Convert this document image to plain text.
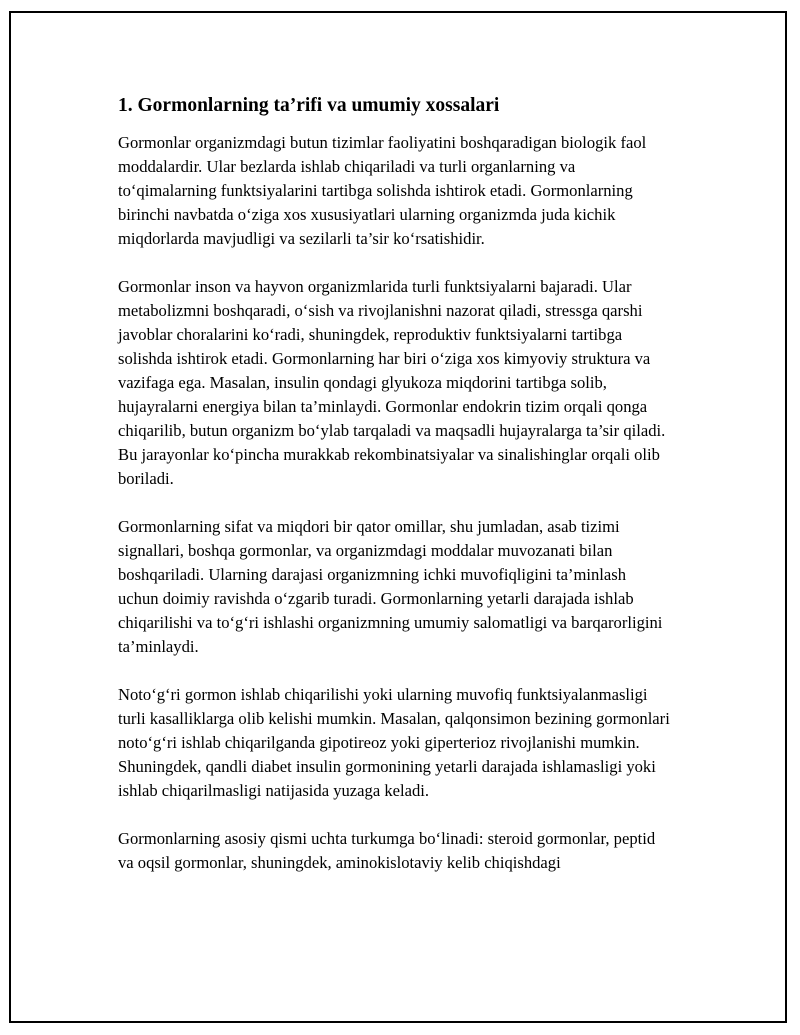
1. Gormonlarning ta’rifi va umumiy xossalari

Gormonlar organizmdagi butun tizimlar faoliyatini boshqaradigan biologik faol moddalardir. Ular bezlarda ishlab chiqariladi va turli organlarning va to‘qimalarning funktsiyalarini tartibga solishda ishtirok etadi. Gormonlarning birinchi navbatda o‘ziga xos xususiyatlari ularning organizmda juda kichik miqdorlarda mavjudligi va sezilarli ta’sir ko‘rsatishidir.

Gormonlar inson va hayvon organizmlarida turli funktsiyalarni bajaradi. Ular metabolizmni boshqaradi, o‘sish va rivojlanishni nazorat qiladi, stressga qarshi javoblar choralarini ko‘radi, shuningdek, reproduktiv funktsiyalarni tartibga solishda ishtirok etadi. Gormonlarning har biri o‘ziga xos kimyoviy struktura va vazifaga ega. Masalan, insulin qondagi glyukoza miqdorini tartibga solib, hujayralarni energiya bilan ta’minlaydi. Gormonlar endokrin tizim orqali qonga chiqarilib, butun organizm bo‘ylab tarqaladi va maqsadli hujayralarga ta’sir qiladi. Bu jarayonlar ko‘pincha murakkab rekombinatsiyalar va sinalishinglar orqali olib boriladi.

Gormonlarning sifat va miqdori bir qator omillar, shu jumladan, asab tizimi signallari, boshqa gormonlar, va organizmdagi moddalar muvozanati bilan boshqariladi. Ularning darajasi organizmning ichki muvofiqligini ta’minlash uchun doimiy ravishda o‘zgarib turadi. Gormonlarning yetarli darajada ishlab chiqarilishi va to‘g‘ri ishlashi organizmning umumiy salomatligi va barqarorligini ta’minlaydi.

Noto‘g‘ri gormon ishlab chiqarilishi yoki ularning muvofiq funktsiyalanmasligi turli kasalliklarga olib kelishi mumkin. Masalan, qalqonsimon bezining gormonlari noto‘g‘ri ishlab chiqarilganda gipotireoz yoki giperterioz rivojlanishi mumkin. Shuningdek, qandli diabet insulin gormonining yetarli darajada ishlamasligi yoki ishlab chiqarilmasligi natijasida yuzaga keladi.

Gormonlarning asosiy qismi uchta turkumga bo‘linadi: steroid gormonlar, peptid va oqsil gormonlar, shuningdek, aminokislotaviy kelib chiqishdagi
